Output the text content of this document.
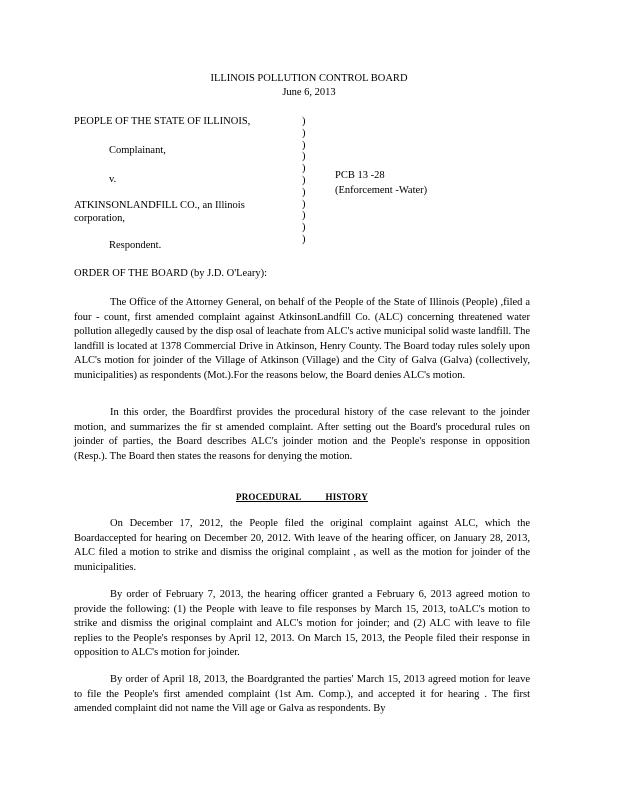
ILLINOIS POLLUTION CONTROL BOARD
June 6, 2013
PEOPLE OF THE STATE OF ILLINOIS,
Complainant,
v.
ATKINSONLANDFILL CO., an Illinois
corporation,
Respondent.
)
)
)
)
)
)
)
)
)
)
)
PCB 13 -28
(Enforcement -Water)
ORDER OF THE BOARD (by J.D. O'Leary):
The Office of the Attorney General, on behalf of the People of the State of Illinois (People) ,filed a four - count, first amended complaint against AtkinsonLandfill Co. (ALC) concerning threatened water pollution allegedly caused by the disp osal of leachate from ALC's active municipal solid waste landfill. The landfill is located at 1378 Commercial Drive in Atkinson, Henry County. The Board today rules solely upon ALC's motion for joinder of the Village of Atkinson (Village) and the City of Galva (Galva) (collectively, municipalities) as respondents (Mot.).For the reasons below, the Board denies ALC's motion.
In this order, the Boardfirst provides the procedural history of the case relevant to the joinder motion, and summarizes the fir st amended complaint. After setting out the Board's procedural rules on joinder of parties, the Board describes ALC's joinder motion and the People's response in opposition (Resp.). The Board then states the reasons for denying the motion.
PROCEDURAL          HISTORY
On December 17, 2012, the People filed the original complaint against ALC, which the Boardaccepted for hearing on December 20, 2012. With leave of the hearing officer, on January 28, 2013, ALC filed a motion to strike and dismiss the original complaint , as well as the motion for joinder of the municipalities.
By order of February 7, 2013, the hearing officer granted a February 6, 2013 agreed motion to provide the following: (1) the People with leave to file responses by March 15, 2013, toALC's motion to strike and dismiss the original complaint and ALC's motion for joinder; and (2) ALC with leave to file replies to the People's responses by April 12, 2013. On March 15, 2013, the People filed their response in opposition to ALC's motion for joinder.
By order of April 18, 2013, the Boardgranted the parties' March 15, 2013 agreed motion for leave to file the People's first amended complaint (1st Am. Comp.), and accepted it for hearing . The first amended complaint did not name the Vill age or Galva as respondents. By
